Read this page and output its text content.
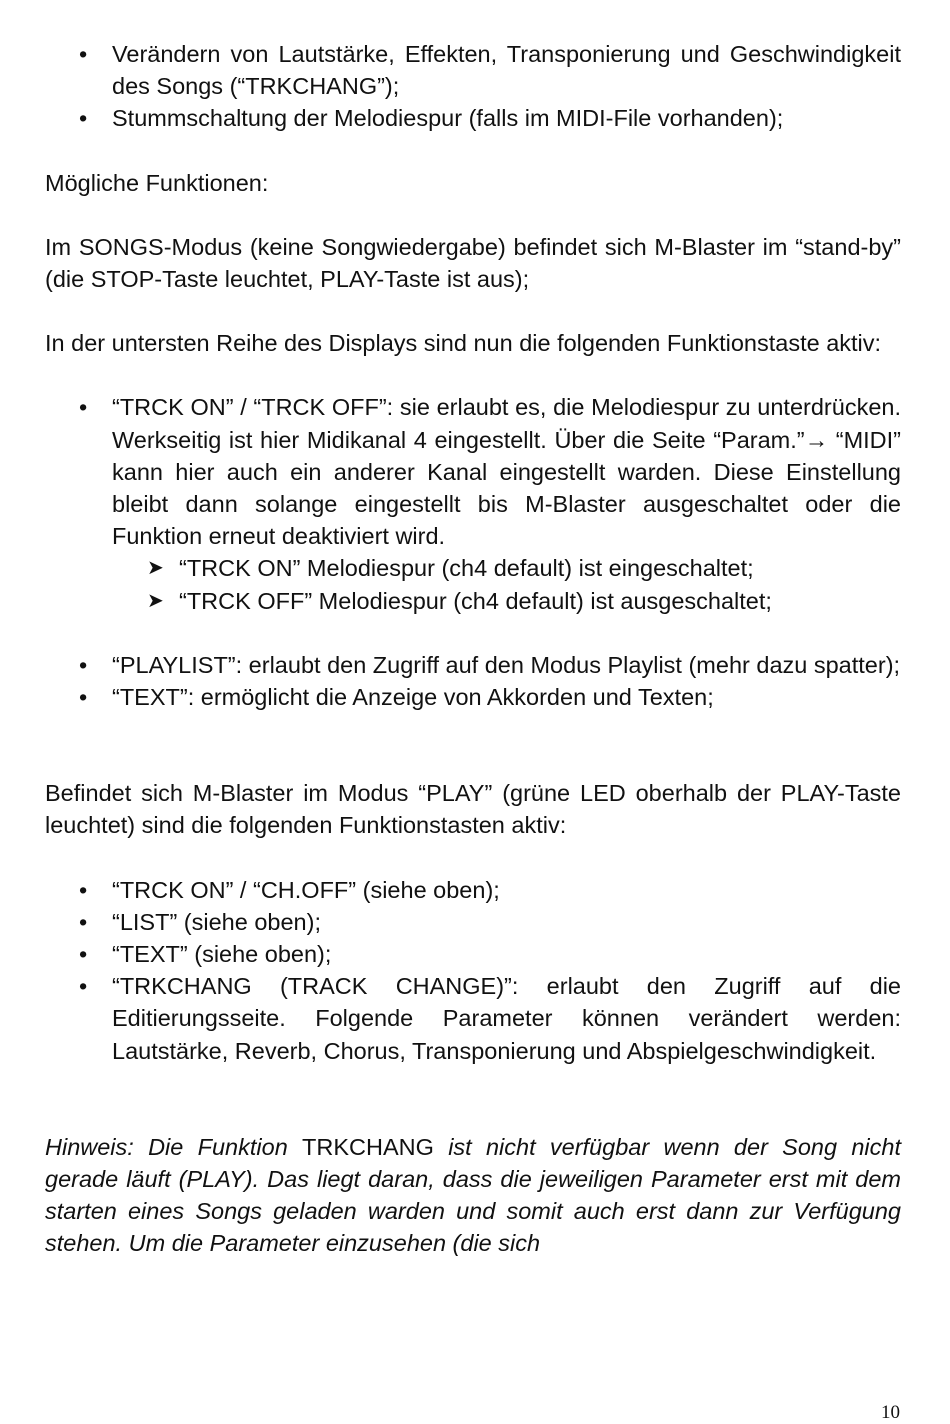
• Verändern von Lautstärke, Effekten, Transponierung und Geschwindigkeit des Songs (“TRKCHANG”);
• Stummschaltung der Melodiespur (falls im MIDI-File vorhanden);

Mögliche Funktionen:

Im SONGS-Modus (keine Songwiedergabe) befindet sich M-Blaster im “stand-by” (die STOP-Taste leuchtet, PLAY-Taste ist aus);

In der untersten Reihe des Displays sind nun die folgenden Funktionstaste aktiv:

• “TRCK ON” / “TRCK OFF”: sie erlaubt es, die Melodiespur zu unterdrücken. Werkseitig ist hier Midikanal 4 eingestellt. Über die Seite “Param.”→ “MIDI” kann hier auch ein anderer Kanal eingestellt warden. Diese Einstellung bleibt dann solange eingestellt bis M-Blaster ausgeschaltet oder die Funktion erneut deaktiviert wird.
➤ “TRCK ON” Melodiespur (ch4 default) ist eingeschaltet;
➤ “TRCK OFF” Melodiespur (ch4 default) ist ausgeschaltet;
• “PLAYLIST”: erlaubt den Zugriff auf den Modus Playlist (mehr dazu spatter);
• “TEXT”: ermöglicht die Anzeige von Akkorden und Texten;

Befindet sich M-Blaster im Modus “PLAY” (grüne LED oberhalb der PLAY-Taste leuchtet) sind die folgenden Funktionstasten aktiv:

• “TRCK ON” / “CH.OFF” (siehe oben);
• “LIST” (siehe oben);
• “TEXT” (siehe oben);
• “TRKCHANG (TRACK CHANGE)”: erlaubt den Zugriff auf die Editierungsseite. Folgende Parameter können verändert werden: Lautstärke, Reverb, Chorus, Transponierung und Abspielgeschwindigkeit.

Hinweis: Die Funktion TRKCHANG ist nicht verfügbar wenn der Song nicht gerade läuft (PLAY). Das liegt daran, dass die jeweiligen Parameter erst mit dem starten eines Songs geladen warden und somit auch erst dann zur Verfügung stehen. Um die Parameter einzusehen (die sich

10
